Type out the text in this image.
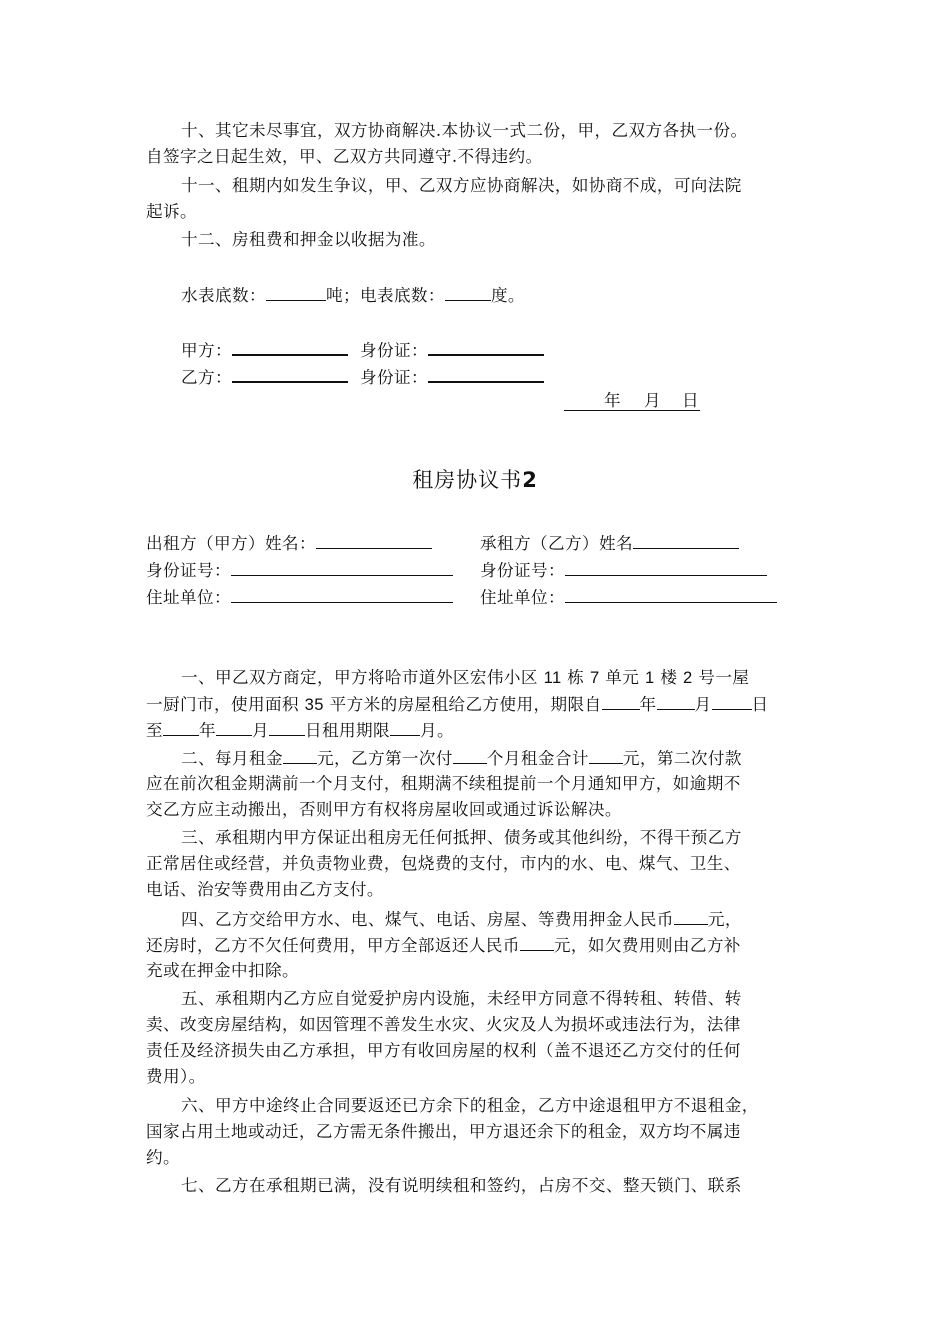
十、其它未尽事宜，双方协商解决.本协议一式二份，甲，乙双方各执一份。
自签字之日起生效，甲、乙双方共同遵守.不得违约。
十一、租期内如发生争议，甲、乙双方应协商解决，如协商不成，可向法院
起诉。
十二、房租费和押金以收据为准。
水表底数：	吨；电表底数：	度。
甲方：	身份证：
乙方：	身份证：
年 月 日
租房协议书2
出租方（甲方）姓名：	承租方（乙方）姓名
身份证号：	身份证号：
住址单位：	住址单位：
一、甲乙双方商定，甲方将哈市道外区宏伟小区 11 栋 7 单元 1 楼 2 号一屋
一厨门市，使用面积 35 平方米的房屋租给乙方使用，期限自 年 月 日
至 年 月 日租用期限 月。
二、每月租金 元，乙方第一次付 个月租金合计 元，第二次付款
应在前次租金期满前一个月支付，租期满不续租提前一个月通知甲方，如逾期不
交乙方应主动搬出，否则甲方有权将房屋收回或通过诉讼解决。
三、承租期内甲方保证出租房无任何抵押、债务或其他纠纷，不得干预乙方
正常居住或经营，并负责物业费，包烧费的支付，市内的水、电、煤气、卫生、
电话、治安等费用由乙方支付。
四、乙方交给甲方水、电、煤气、电话、房屋、等费用押金人民币 元，
还房时，乙方不欠任何费用，甲方全部返还人民币 元，如欠费用则由乙方补
充或在押金中扣除。
五、承租期内乙方应自觉爱护房内设施，未经甲方同意不得转租、转借、转
卖、改变房屋结构，如因管理不善发生水灾、火灾及人为损坏或违法行为，法律
责任及经济损失由乙方承担，甲方有收回房屋的权利（盖不退还乙方交付的任何
费用）。
六、甲方中途终止合同要返还已方余下的租金，乙方中途退租甲方不退租金，
国家占用土地或动迁，乙方需无条件搬出，甲方退还余下的租金，双方均不属违
约。
七、乙方在承租期已满，没有说明续租和签约，占房不交、整天锁门、联系
